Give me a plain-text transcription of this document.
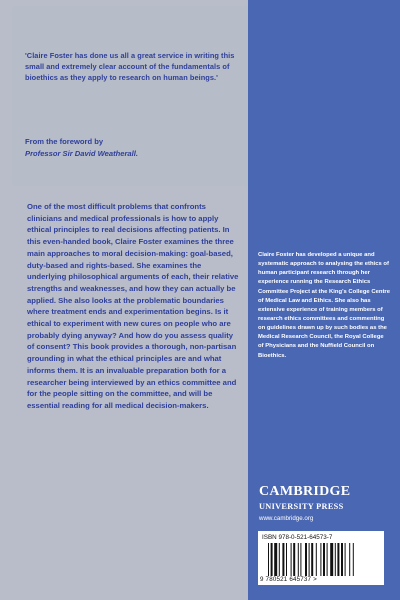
'Claire Foster has done us all a great service in writing this small and extremely clear account of the fundamentals of bioethics as they apply to research on human beings.'

From the foreword by
Professor Sir David Weatherall.

One of the most difficult problems that confronts clinicians and medical professionals is how to apply ethical principles to real decisions affecting patients. In this even-handed book, Claire Foster examines the three main approaches to moral decision-making: goal-based, duty-based and rights-based. She examines the underlying philosophical arguments of each, their relative strengths and weaknesses, and how they can actually be applied. She also looks at the problematic boundaries where treatment ends and experimentation begins. Is it ethical to experiment with new cures on people who are probably dying anyway? And how do you assess quality of consent? This book provides a thorough, non-partisan grounding in what the ethical principles are and what informs them. It is an invaluable preparation both for a researcher being interviewed by an ethics committee and for the people sitting on the committee, and will be essential reading for all medical decision-makers.

Claire Foster has developed a unique and systematic approach to analysing the ethics of human participant research through her experience running the Research Ethics Committee Project at the King's College Centre of Medical Law and Ethics. She also has extensive experience of training members of research ethics committees and commenting on guidelines drawn up by such bodies as the Medical Research Council, the Royal College of Physicians and the Nuffield Council on Bioethics.

CAMBRIDGE
UNIVERSITY PRESS
www.cambridge.org
ISBN 978-0-521-64573-7
9 780521 645737 >
